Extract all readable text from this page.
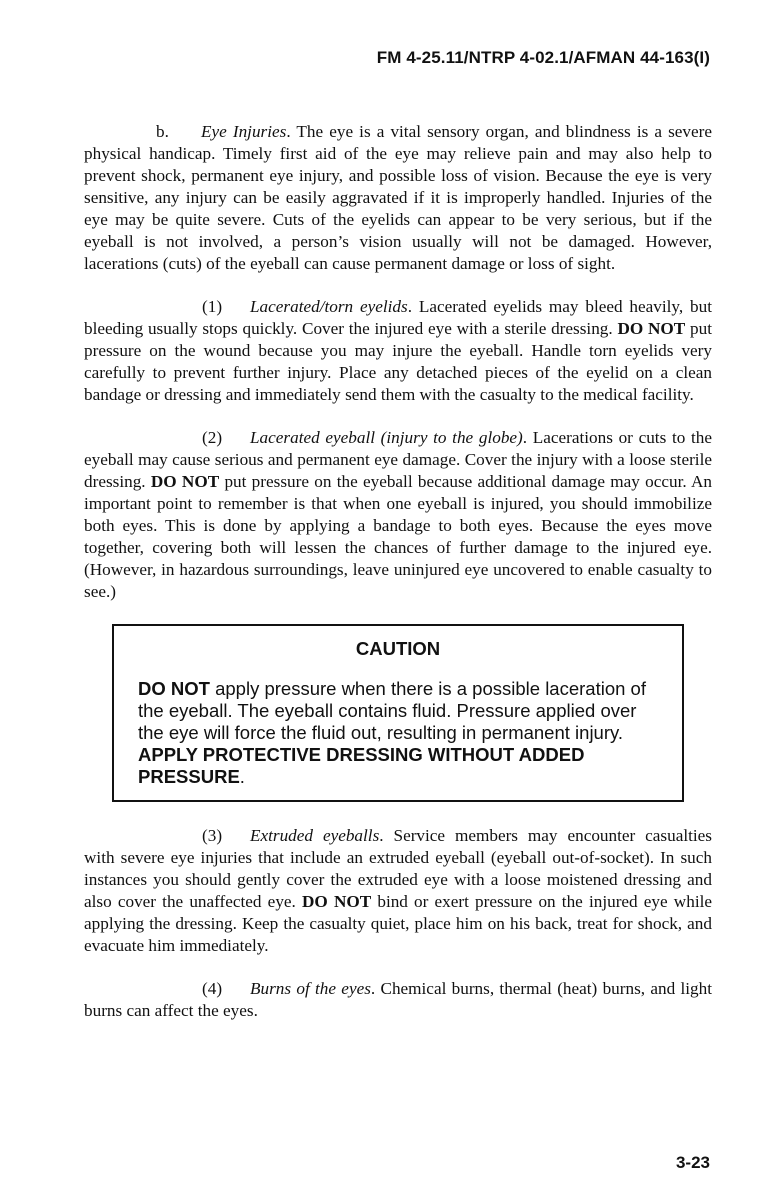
FM 4-25.11/NTRP 4-02.1/AFMAN 44-163(I)

b. Eye Injuries. The eye is a vital sensory organ, and blindness is a severe physical handicap. Timely first aid of the eye may relieve pain and may also help to prevent shock, permanent eye injury, and possible loss of vision. Because the eye is very sensitive, any injury can be easily aggravated if it is improperly handled. Injuries of the eye may be quite severe. Cuts of the eyelids can appear to be very serious, but if the eyeball is not involved, a person’s vision usually will not be damaged. However, lacerations (cuts) of the eyeball can cause permanent damage or loss of sight.

(1) Lacerated/torn eyelids. Lacerated eyelids may bleed heavily, but bleeding usually stops quickly. Cover the injured eye with a sterile dressing. DO NOT put pressure on the wound because you may injure the eyeball. Handle torn eyelids very carefully to prevent further injury. Place any detached pieces of the eyelid on a clean bandage or dressing and immediately send them with the casualty to the medical facility.

(2) Lacerated eyeball (injury to the globe). Lacerations or cuts to the eyeball may cause serious and permanent eye damage. Cover the injury with a loose sterile dressing. DO NOT put pressure on the eyeball because additional damage may occur. An important point to remember is that when one eyeball is injured, you should immobilize both eyes. This is done by applying a bandage to both eyes. Because the eyes move together, covering both will lessen the chances of further damage to the injured eye. (However, in hazardous surroundings, leave uninjured eye uncovered to enable casualty to see.)

CAUTION
DO NOT apply pressure when there is a possible laceration of the eyeball. The eyeball contains fluid. Pressure applied over the eye will force the fluid out, resulting in permanent injury. APPLY PROTECTIVE DRESSING WITHOUT ADDED PRESSURE.

(3) Extruded eyeballs. Service members may encounter casualties with severe eye injuries that include an extruded eyeball (eyeball out-of-socket). In such instances you should gently cover the extruded eye with a loose moistened dressing and also cover the unaffected eye. DO NOT bind or exert pressure on the injured eye while applying the dressing. Keep the casualty quiet, place him on his back, treat for shock, and evacuate him immediately.

(4) Burns of the eyes. Chemical burns, thermal (heat) burns, and light burns can affect the eyes.

3-23
